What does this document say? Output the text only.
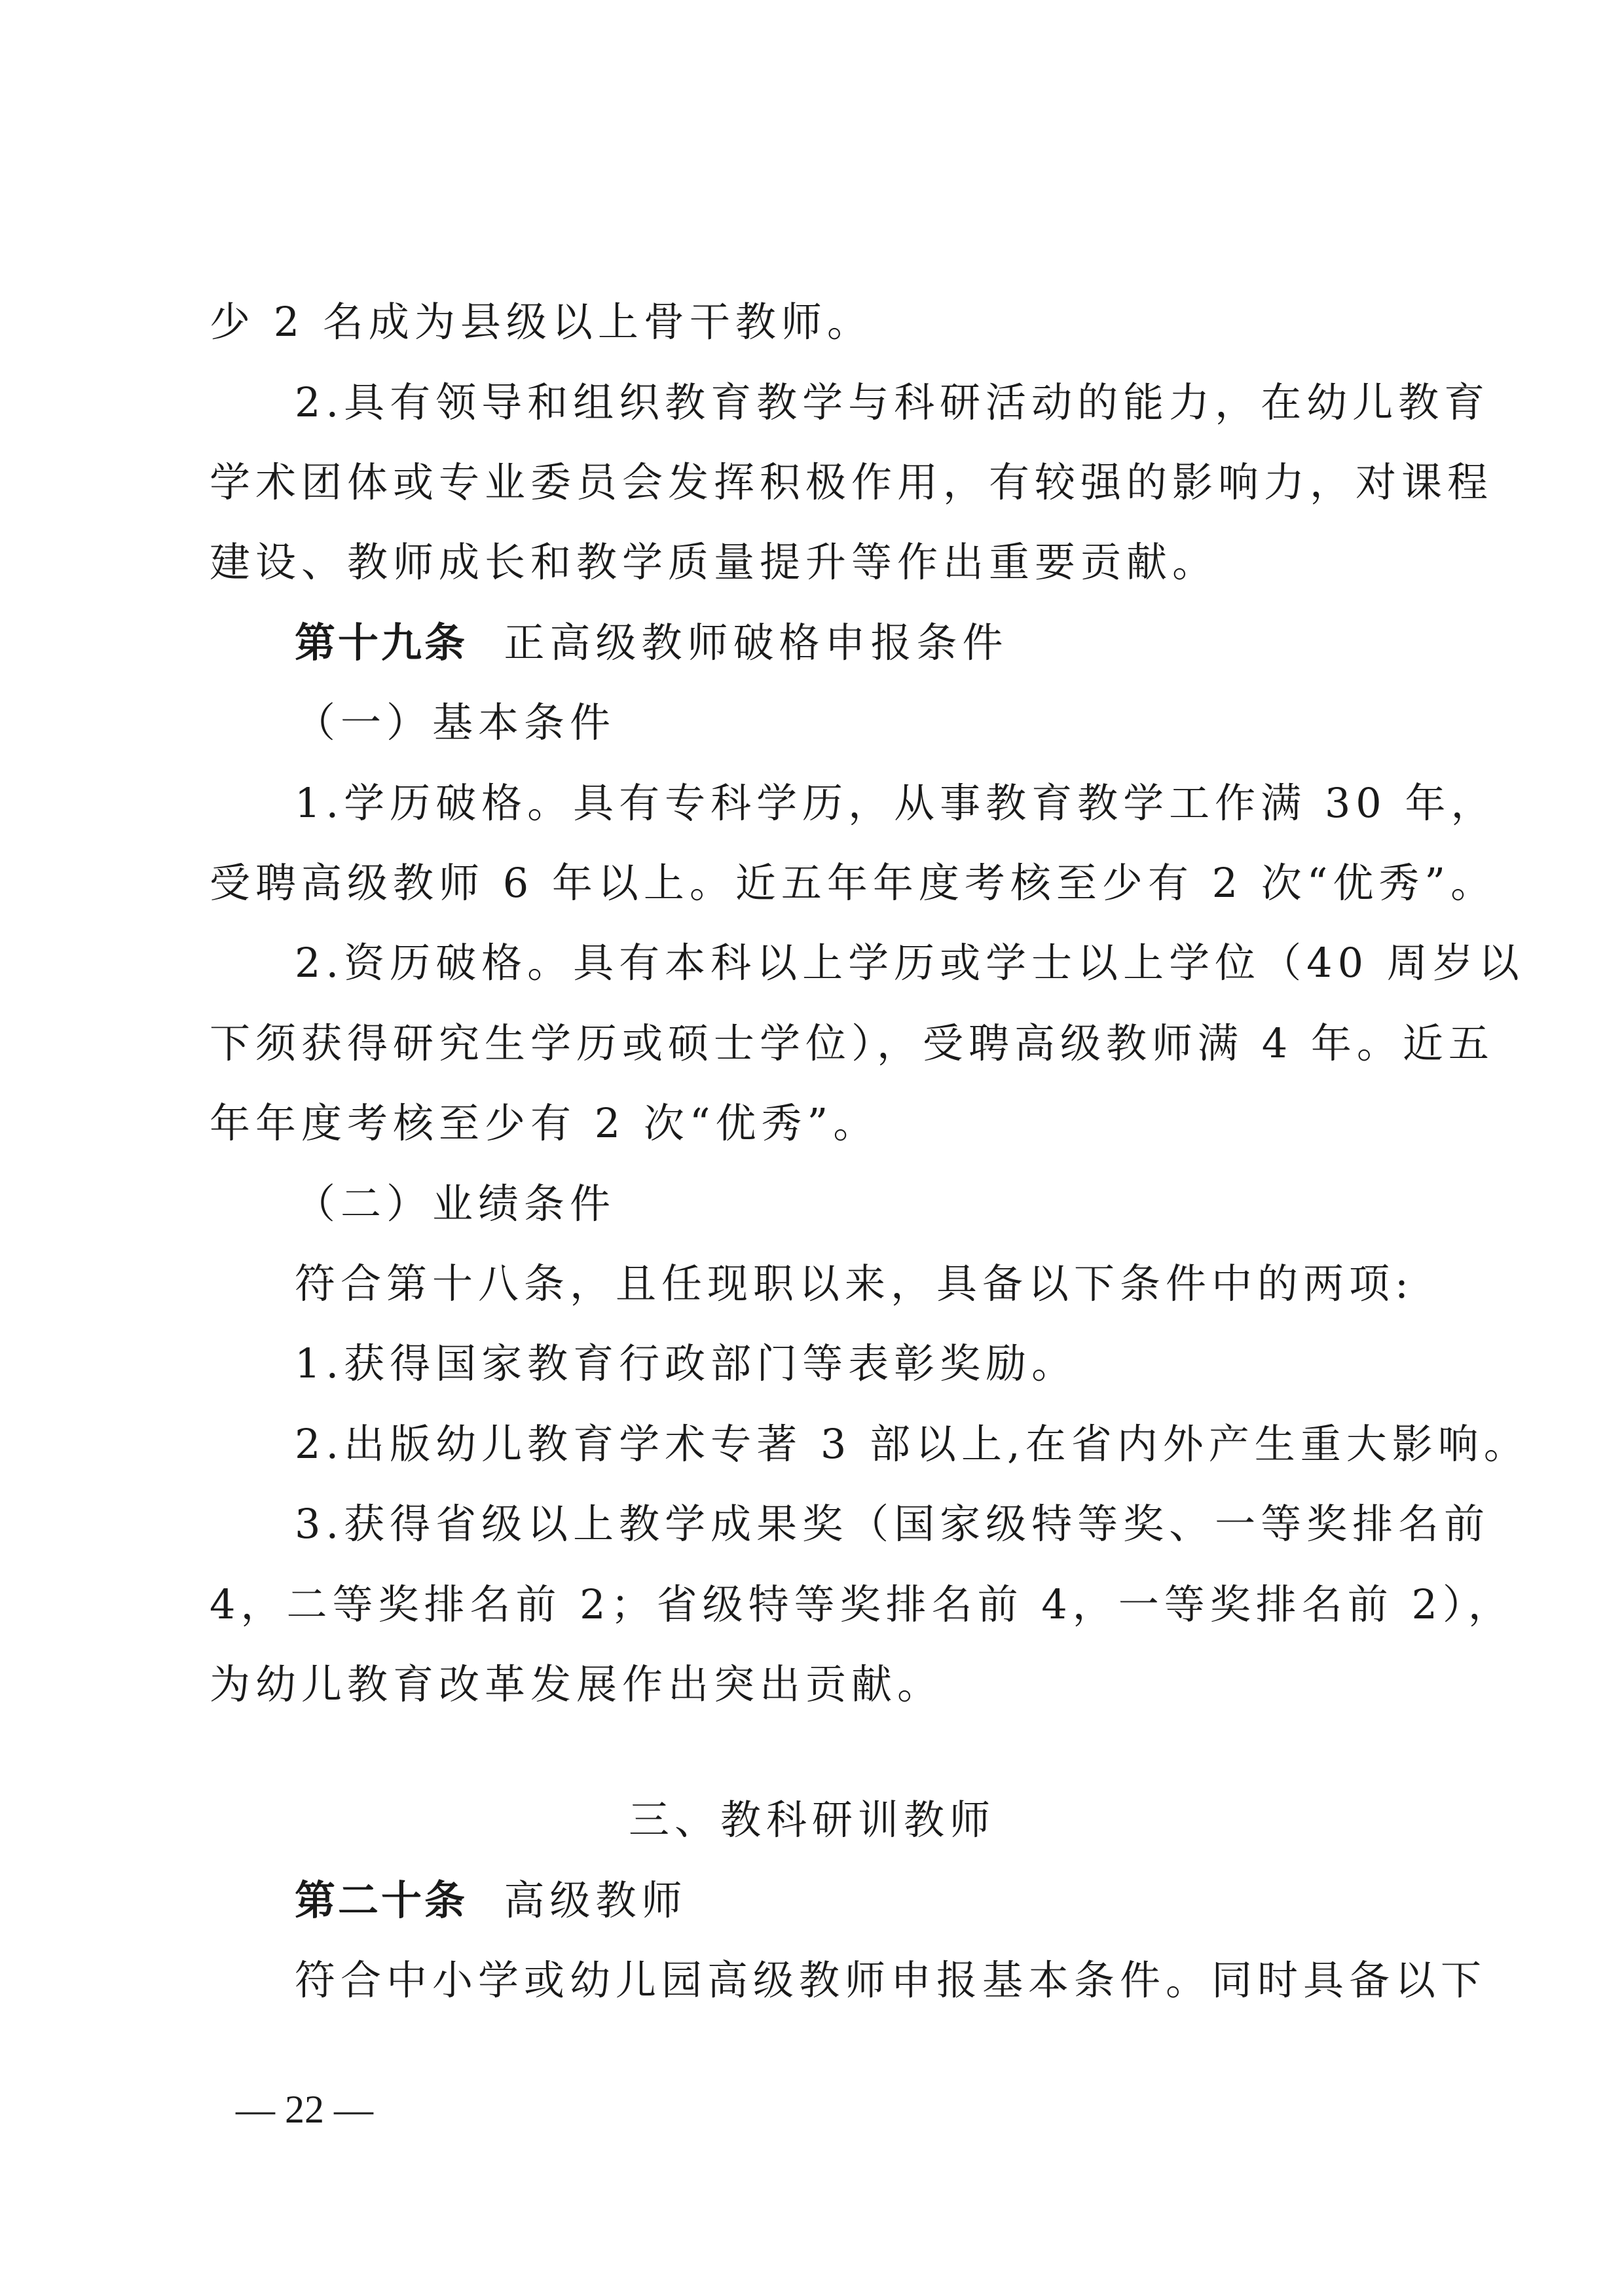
少 2 名成为县级以上骨干教师。
2.具有领导和组织教育教学与科研活动的能力，在幼儿教育
学术团体或专业委员会发挥积极作用，有较强的影响力，对课程
建设、教师成长和教学质量提升等作出重要贡献。
第十九条 正高级教师破格申报条件
（一）基本条件
1.学历破格。具有专科学历，从事教育教学工作满 30 年，
受聘高级教师 6 年以上。近五年年度考核至少有 2 次“优秀”。
2.资历破格。具有本科以上学历或学士以上学位（40 周岁以
下须获得研究生学历或硕士学位），受聘高级教师满 4 年。近五
年年度考核至少有 2 次“优秀”。
（二）业绩条件
符合第十八条，且任现职以来，具备以下条件中的两项:
1.获得国家教育行政部门等表彰奖励。
2.出版幼儿教育学术专著 3 部以上,在省内外产生重大影响。
3.获得省级以上教学成果奖（国家级特等奖、一等奖排名前
4，二等奖排名前 2；省级特等奖排名前 4，一等奖排名前 2），
为幼儿教育改革发展作出突出贡献。
三、教科研训教师
第二十条 高级教师
符合中小学或幼儿园高级教师申报基本条件。同时具备以下
— 22 —
